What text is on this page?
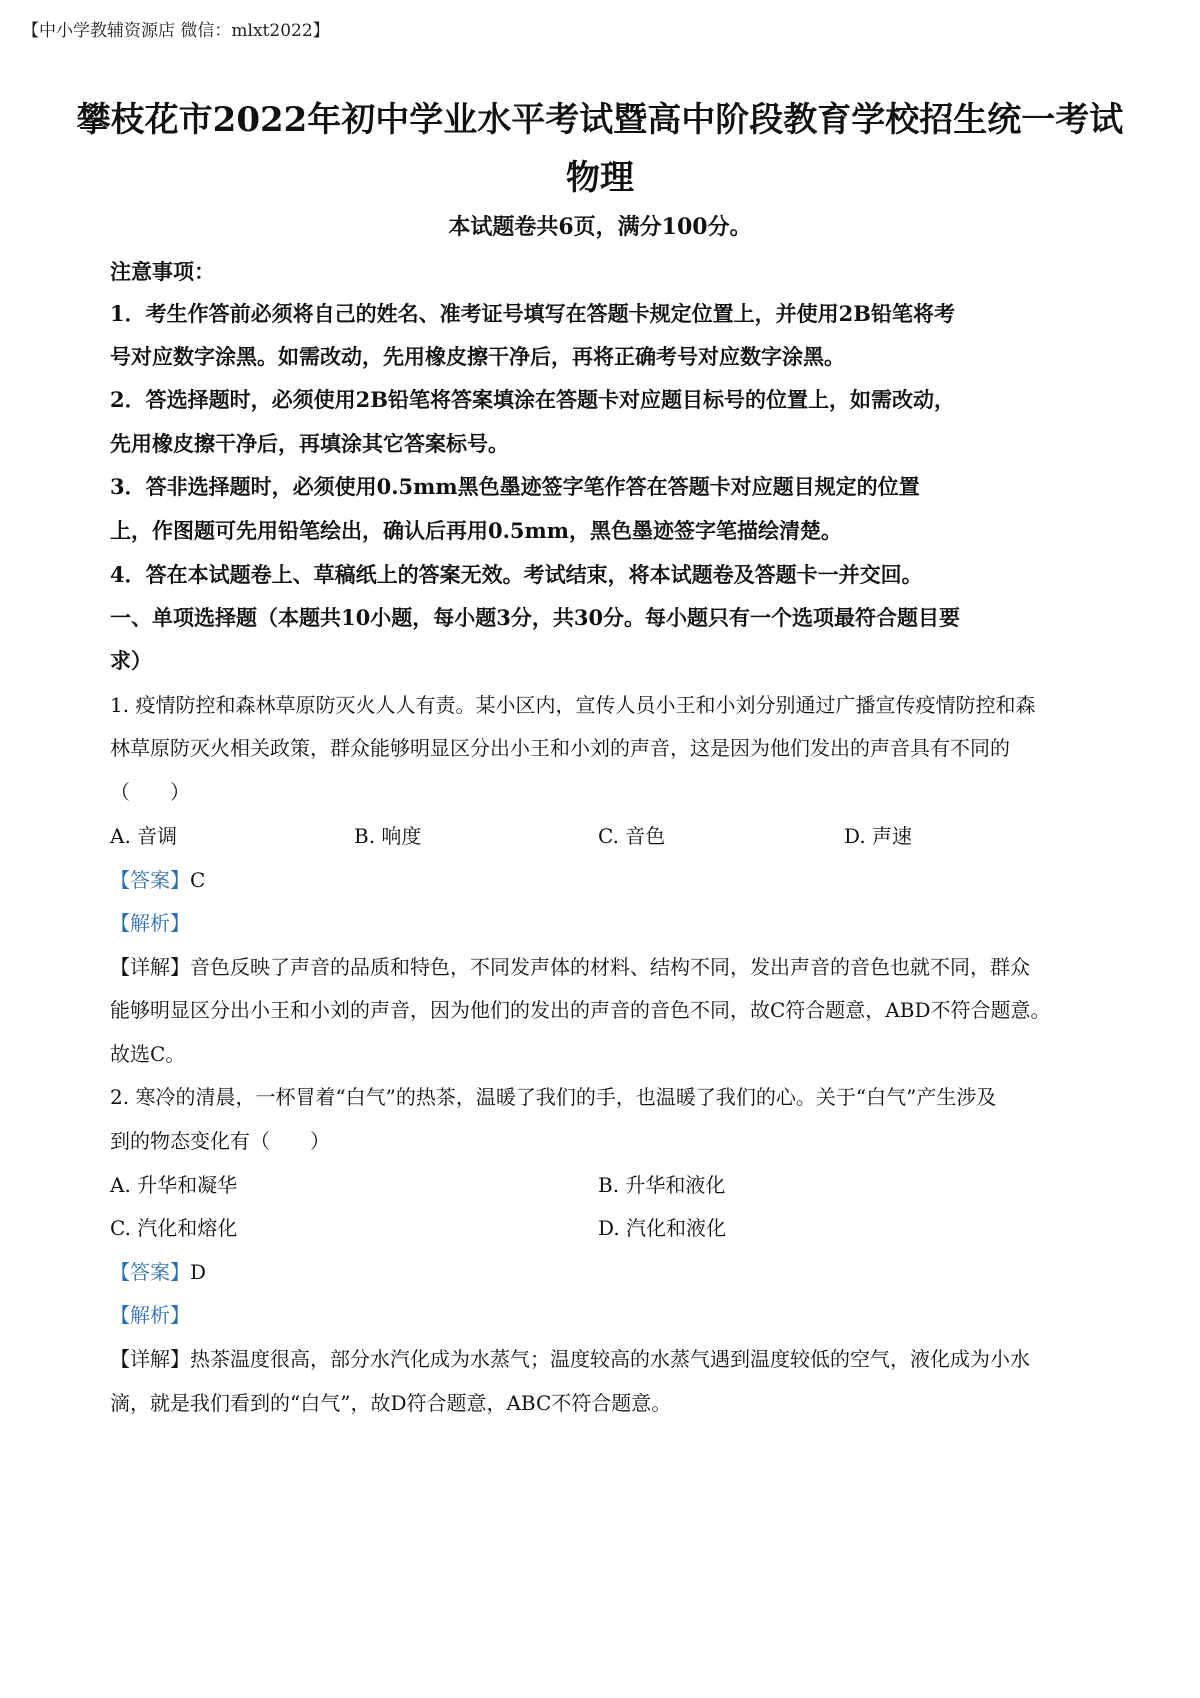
【中小学教辅资源店 微信：mlxt2022】
攀枝花市2022年初中学业水平考试暨高中阶段教育学校招生统一考试
物理
本试题卷共6页，满分100分。
注意事项：
1．考生作答前必须将自己的姓名、准考证号填写在答题卡规定位置上，并使用2B铅笔将考
号对应数字涂黑。如需改动，先用橡皮擦干净后，再将正确考号对应数字涂黑。
2．答选择题时，必须使用2B铅笔将答案填涂在答题卡对应题目标号的位置上，如需改动，
先用橡皮擦干净后，再填涂其它答案标号。
3．答非选择题时，必须使用0.5mm黑色墨迹签字笔作答在答题卡对应题目规定的位置
上，作图题可先用铅笔绘出，确认后再用0.5mm，黑色墨迹签字笔描绘清楚。
4．答在本试题卷上、草稿纸上的答案无效。考试结束，将本试题卷及答题卡一并交回。
一、单项选择题（本题共10小题，每小题3分，共30分。每小题只有一个选项最符合题目要
求）
1. 疫情防控和森林草原防灭火人人有责。某小区内，宣传人员小王和小刘分别通过广播宣传疫情防控和森
林草原防灭火相关政策，群众能够明显区分出小王和小刘的声音，这是因为他们发出的声音具有不同的
（　　）
A. 音调	B. 响度	C. 音色	D. 声速
【答案】C
【解析】
【详解】音色反映了声音的品质和特色，不同发声体的材料、结构不同，发出声音的音色也就不同，群众
能够明显区分出小王和小刘的声音，因为他们的发出的声音的音色不同，故C符合题意，ABD不符合题意。
故选C。
2. 寒冷的清晨，一杯冒着“白气”的热茶，温暖了我们的手，也温暖了我们的心。关于“白气”产生涉及
到的物态变化有（　　）
A. 升华和凝华	B. 升华和液化
C. 汽化和熔化	D. 汽化和液化
【答案】D
【解析】
【详解】热茶温度很高，部分水汽化成为水蒸气；温度较高的水蒸气遇到温度较低的空气，液化成为小水
滴，就是我们看到的“白气”，故D符合题意，ABC不符合题意。
